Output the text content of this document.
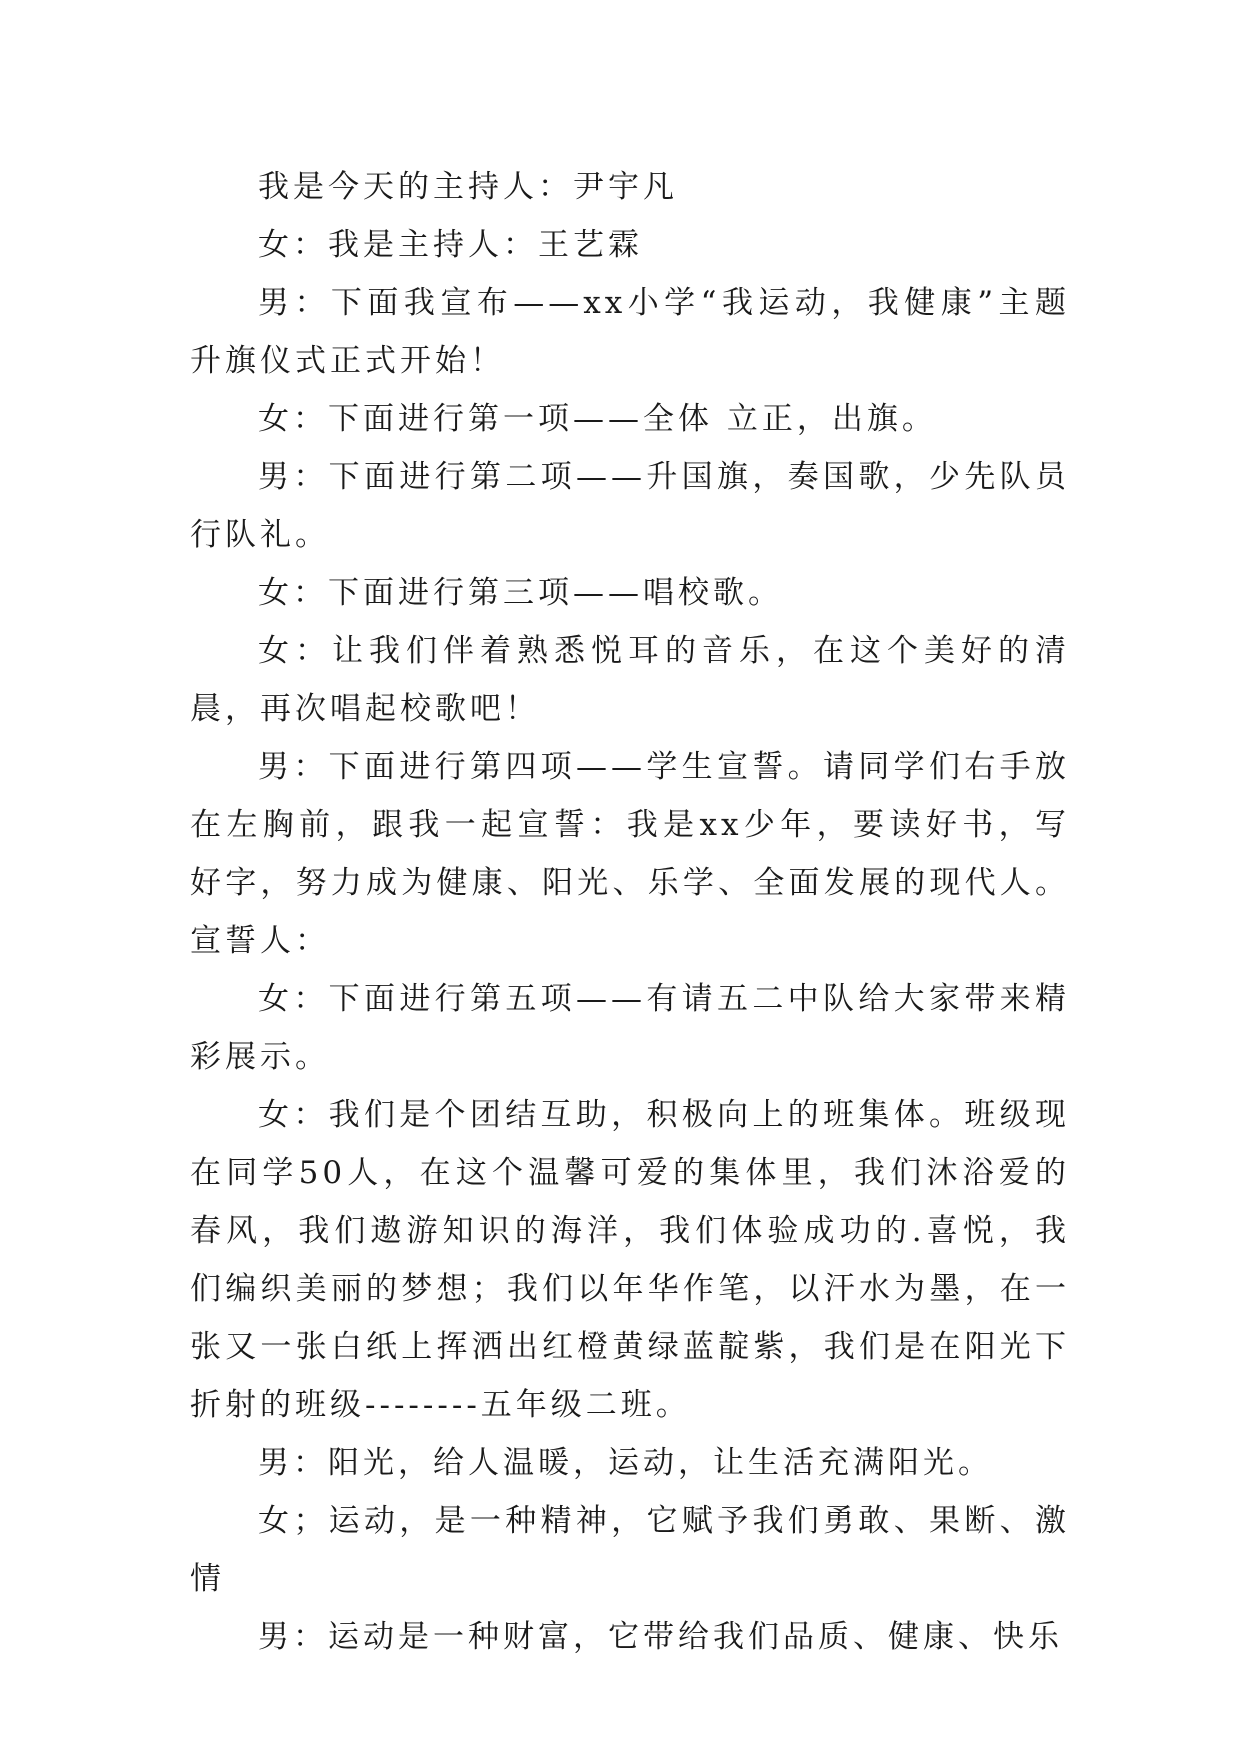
我是今天的主持人：尹宇凡

女：我是主持人：王艺霖

男：下面我宣布——xx小学“我运动，我健康”主题升旗仪式正式开始！

女：下面进行第一项——全体 立正，出旗。

男：下面进行第二项——升国旗，奏国歌，少先队员行队礼。

女：下面进行第三项——唱校歌。

女：让我们伴着熟悉悦耳的音乐，在这个美好的清晨，再次唱起校歌吧！

男：下面进行第四项——学生宣誓。请同学们右手放在左胸前，跟我一起宣誓：我是xx少年，要读好书，写好字，努力成为健康、阳光、乐学、全面发展的现代人。 宣誓人：

女：下面进行第五项——有请五二中队给大家带来精彩展示。

女：我们是个团结互助，积极向上的班集体。班级现在同学50人，在这个温馨可爱的集体里，我们沐浴爱的春风，我们遨游知识的海洋，我们体验成功的.喜悦，我们编织美丽的梦想；我们以年华作笔，以汗水为墨，在一张又一张白纸上挥洒出红橙黄绿蓝靛紫，我们是在阳光下折射的班级--------五年级二班。

男：阳光，给人温暖，运动，让生活充满阳光。

女；运动，是一种精神，它赋予我们勇敢、果断、激情

男：运动是一种财富，它带给我们品质、健康、快乐
